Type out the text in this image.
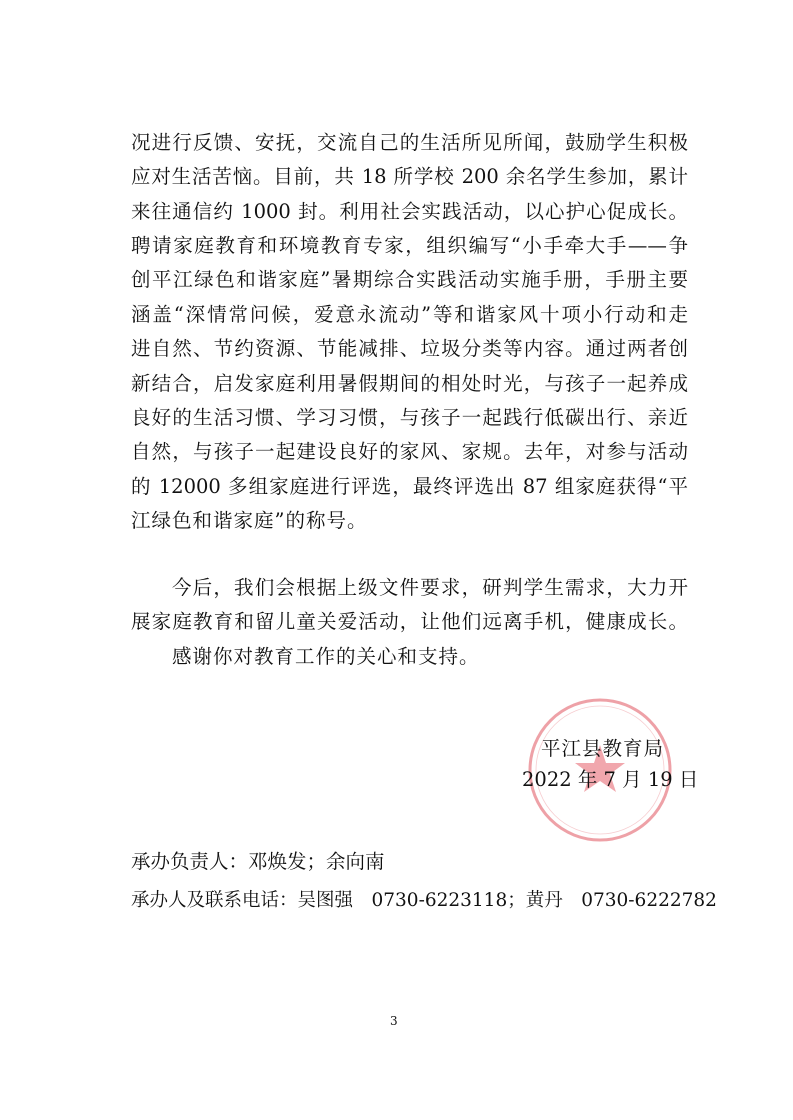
况进行反馈、安抚，交流自己的生活所见所闻，鼓励学生积极
应对生活苦恼。目前，共 18 所学校 200 余名学生参加，累计
来往通信约 1000 封。利用社会实践活动，以心护心促成长。
聘请家庭教育和环境教育专家，组织编写“小手牵大手——争
创平江绿色和谐家庭”暑期综合实践活动实施手册，手册主要
涵盖“深情常问候，爱意永流动”等和谐家风十项小行动和走
进自然、节约资源、节能减排、垃圾分类等内容。通过两者创
新结合，启发家庭利用暑假期间的相处时光，与孩子一起养成
良好的生活习惯、学习习惯，与孩子一起践行低碳出行、亲近
自然，与孩子一起建设良好的家风、家规。去年，对参与活动
的 12000 多组家庭进行评选，最终评选出 87 组家庭获得“平
江绿色和谐家庭”的称号。
今后，我们会根据上级文件要求，研判学生需求，大力开
展家庭教育和留儿童关爱活动，让他们远离手机，健康成长。
感谢你对教育工作的关心和支持。
平江县教育局
2022 年 7 月 19 日
承办负责人：邓焕发；余向南
承办人及联系电话：吴图强　0730-6223118；黄丹　0730-6222782
3
